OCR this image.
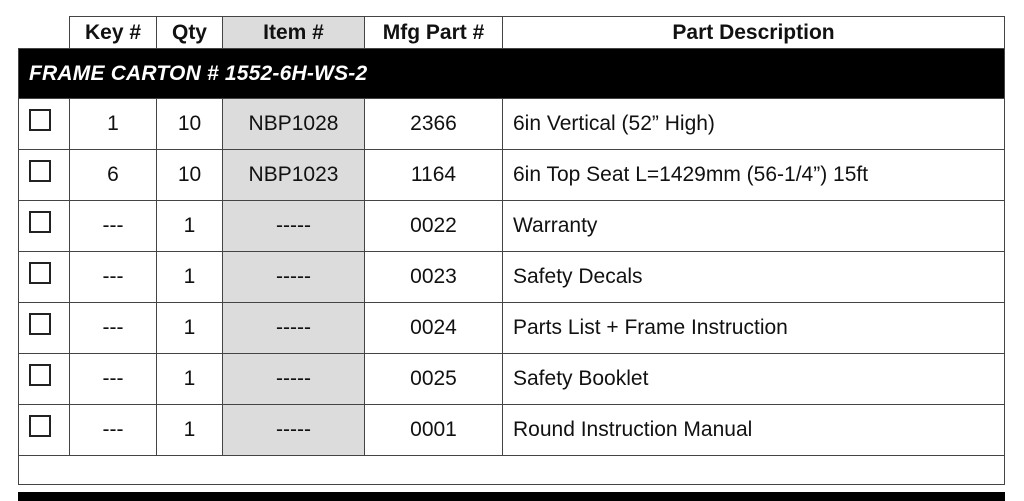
	Key #	Qty	Item #	Mfg Part #	Part Description
FRAME CARTON # 1552-6H-WS-2					

	1	10	NBP1028	2366	6in Vertical (52” High)

	6	10	NBP1023	1164	6in Top Seat L=1429mm (56-1/4”) 15ft

	---	1	-----	0022	Warranty

	---	1	-----	0023	Safety Decals

	---	1	-----	0024	Parts List + Frame Instruction

	---	1	-----	0025	Safety Booklet

	---	1	-----	0001	Round Instruction Manual
